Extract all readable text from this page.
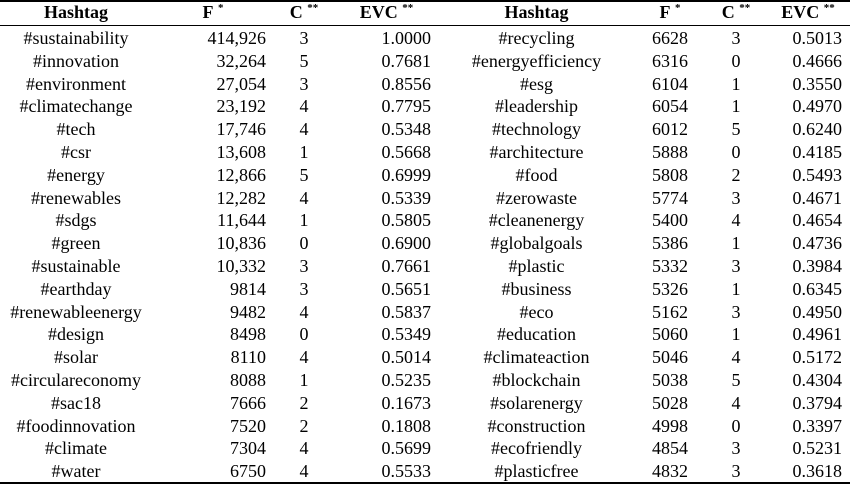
Hashtag	F *	C **	EVC **	Hashtag	F *	C **	EVC **
#sustainability	414,926	3	1.0000	#recycling	6628	3	0.5013
#innovation	32,264	5	0.7681	#energyefficiency	6316	0	0.4666
#environment	27,054	3	0.8556	#esg	6104	1	0.3550
#climatechange	23,192	4	0.7795	#leadership	6054	1	0.4970
#tech	17,746	4	0.5348	#technology	6012	5	0.6240
#csr	13,608	1	0.5668	#architecture	5888	0	0.4185
#energy	12,866	5	0.6999	#food	5808	2	0.5493
#renewables	12,282	4	0.5339	#zerowaste	5774	3	0.4671
#sdgs	11,644	1	0.5805	#cleanenergy	5400	4	0.4654
#green	10,836	0	0.6900	#globalgoals	5386	1	0.4736
#sustainable	10,332	3	0.7661	#plastic	5332	3	0.3984
#earthday	9814	3	0.5651	#business	5326	1	0.6345
#renewableenergy	9482	4	0.5837	#eco	5162	3	0.4950
#design	8498	0	0.5349	#education	5060	1	0.4961
#solar	8110	4	0.5014	#climateaction	5046	4	0.5172
#circulareconomy	8088	1	0.5235	#blockchain	5038	5	0.4304
#sac18	7666	2	0.1673	#solarenergy	5028	4	0.3794
#foodinnovation	7520	2	0.1808	#construction	4998	0	0.3397
#climate	7304	4	0.5699	#ecofriendly	4854	3	0.5231
#water	6750	4	0.5533	#plasticfree	4832	3	0.3618
